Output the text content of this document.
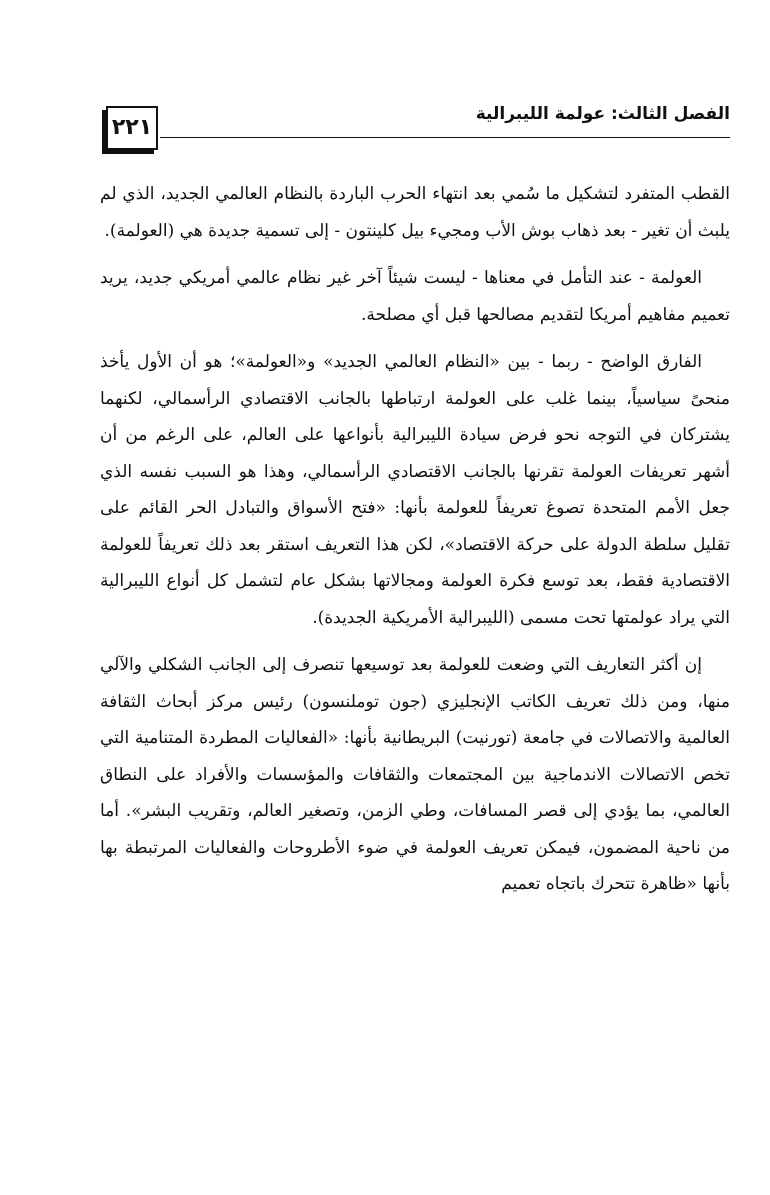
الفصل الثالث: عولمة الليبرالية
٢٢١

القطب المتفرد لتشكيل ما سُمي بعد انتهاء الحرب الباردة بالنظام العالمي الجديد، الذي لم يلبث أن تغير - بعد ذهاب بوش الأب ومجيء بيل كلينتون - إلى تسمية جديدة هي (العولمة).

العولمة - عند التأمل في معناها - ليست شيئاً آخر غير نظام عالمي أمريكي جديد، يريد تعميم مفاهيم أمريكا لتقديم مصالحها قبل أي مصلحة.

الفارق الواضح - ربما - بين «النظام العالمي الجديد» و«العولمة»؛ هو أن الأول يأخذ منحىً سياسياً، بينما غلب على العولمة ارتباطها بالجانب الاقتصادي الرأسمالي، لكنهما يشتركان في التوجه نحو فرض سيادة الليبرالية بأنواعها على العالم، على الرغم من أن أشهر تعريفات العولمة تقرنها بالجانب الاقتصادي الرأسمالي، وهذا هو السبب نفسه الذي جعل الأمم المتحدة تصوغ تعريفاً للعولمة بأنها: «فتح الأسواق والتبادل الحر القائم على تقليل سلطة الدولة على حركة الاقتصاد»، لكن هذا التعريف استقر بعد ذلك تعريفاً للعولمة الاقتصادية فقط، بعد توسع فكرة العولمة ومجالاتها بشكل عام لتشمل كل أنواع الليبرالية التي يراد عولمتها تحت مسمى (الليبرالية الأمريكية الجديدة).

إن أكثر التعاريف التي وضعت للعولمة بعد توسيعها تنصرف إلى الجانب الشكلي والآلي منها، ومن ذلك تعريف الكاتب الإنجليزي (جون توملنسون) رئيس مركز أبحاث الثقافة العالمية والاتصالات في جامعة (تورنيت) البريطانية بأنها: «الفعاليات المطردة المتنامية التي تخص الاتصالات الاندماجية بين المجتمعات والثقافات والمؤسسات والأفراد على النطاق العالمي، بما يؤدي إلى قصر المسافات، وطي الزمن، وتصغير العالم، وتقريب البشر». أما من ناحية المضمون، فيمكن تعريف العولمة في ضوء الأطروحات والفعاليات المرتبطة بها بأنها «ظاهرة تتحرك باتجاه تعميم
